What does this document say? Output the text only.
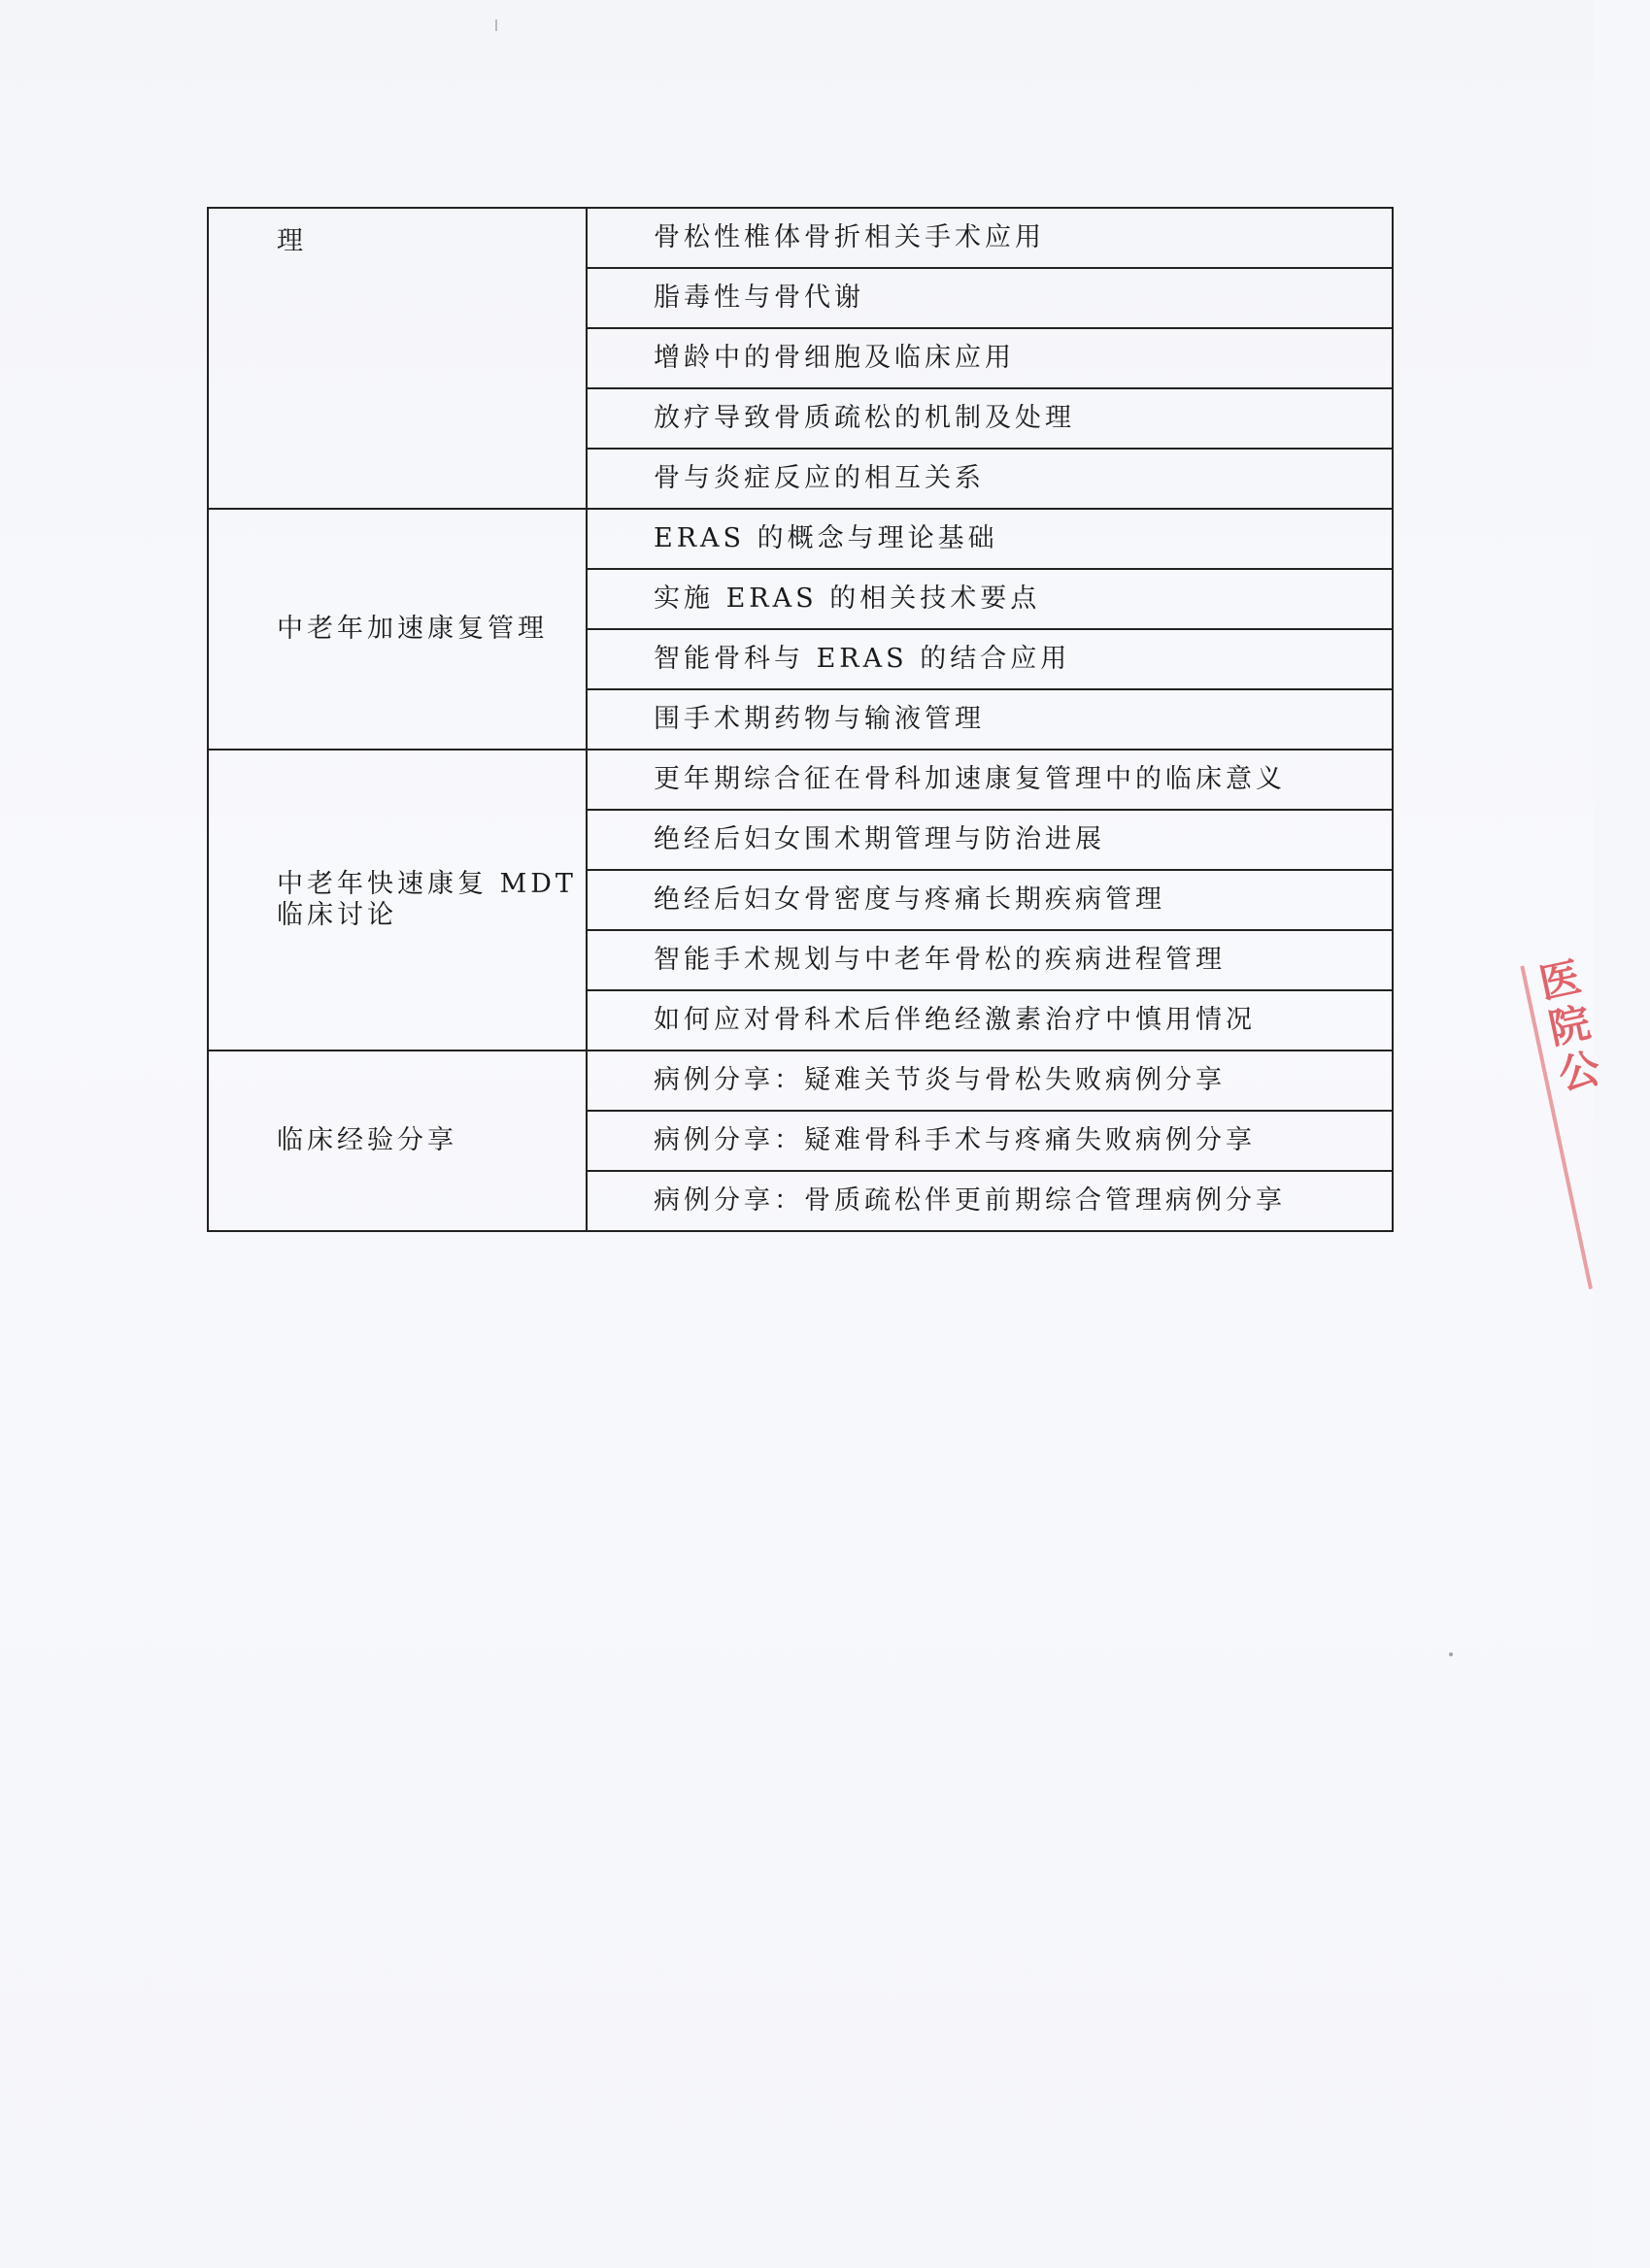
理	骨松性椎体骨折相关手术应用
	脂毒性与骨代谢
	增龄中的骨细胞及临床应用
	放疗导致骨质疏松的机制及处理
	骨与炎症反应的相互关系
中老年加速康复管理	ERAS 的概念与理论基础
	实施 ERAS 的相关技术要点
	智能骨科与 ERAS 的结合应用
	围手术期药物与输液管理
中老年快速康复 MDT 临床讨论	更年期综合征在骨科加速康复管理中的临床意义
	绝经后妇女围术期管理与防治进展
	绝经后妇女骨密度与疼痛长期疾病管理
	智能手术规划与中老年骨松的疾病进程管理
	如何应对骨科术后伴绝经激素治疗中慎用情况
临床经验分享	病例分享：疑难关节炎与骨松失败病例分享
	病例分享：疑难骨科手术与疼痛失败病例分享
	病例分享：骨质疏松伴更前期综合管理病例分享
医院公
